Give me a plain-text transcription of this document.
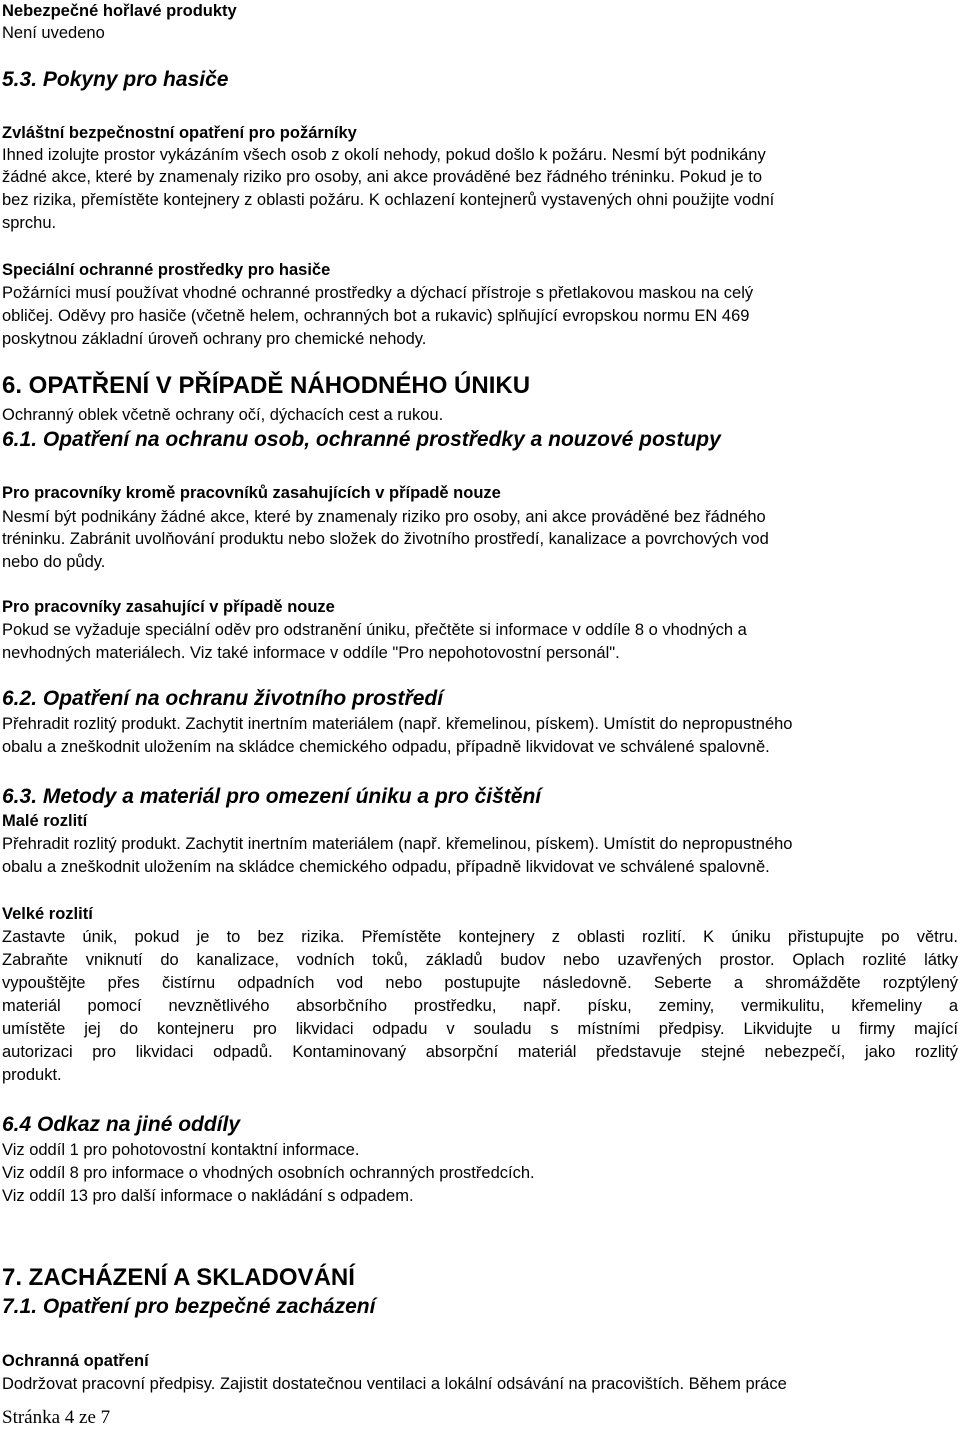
Nebezpečné hořlavé produkty
Není uvedeno
5.3. Pokyny pro hasiče
Zvláštní bezpečnostní opatření pro požárníky
Ihned izolujte prostor vykázáním všech osob z okolí nehody, pokud došlo k požáru. Nesmí být podnikány
žádné akce, které by znamenaly riziko pro osoby, ani akce prováděné bez řádného tréninku. Pokud je to
bez rizika, přemístěte kontejnery z oblasti požáru. K ochlazení kontejnerů vystavených ohni použijte vodní
sprchu.
Speciální ochranné prostředky pro hasiče
Požárníci musí používat vhodné ochranné prostředky a dýchací přístroje s přetlakovou maskou na celý
obličej. Oděvy pro hasiče (včetně helem, ochranných bot a rukavic) splňující evropskou normu EN 469
poskytnou základní úroveň ochrany pro chemické nehody.
6. OPATŘENÍ V PŘÍPADĚ NÁHODNÉHO ÚNIKU
Ochranný oblek včetně ochrany očí, dýchacích cest a rukou.
6.1. Opatření na ochranu osob, ochranné prostředky a nouzové postupy
Pro pracovníky kromě pracovníků zasahujících v případě nouze
Nesmí být podnikány žádné akce, které by znamenaly riziko pro osoby, ani akce prováděné bez řádného
tréninku. Zabránit uvolňování produktu nebo složek do životního prostředí, kanalizace a povrchových vod
nebo do půdy.
Pro pracovníky zasahující v případě nouze
Pokud se vyžaduje speciální oděv pro odstranění úniku, přečtěte si informace v oddíle 8 o vhodných a
nevhodných materiálech. Viz také informace v oddíle "Pro nepohotovostní personál".
6.2. Opatření na ochranu životního prostředí
Přehradit rozlitý produkt. Zachytit inertním materiálem (např. křemelinou, pískem). Umístit do nepropustného
obalu a zneškodnit uložením na skládce chemického odpadu, případně likvidovat ve schválené spalovně.
6.3. Metody a materiál pro omezení úniku a pro čištění
Malé rozlití
Přehradit rozlitý produkt. Zachytit inertním materiálem (např. křemelinou, pískem). Umístit do nepropustného
obalu a zneškodnit uložením na skládce chemického odpadu, případně likvidovat ve schválené spalovně.
Velké rozlití
Zastavte únik, pokud je to bez rizika. Přemístěte kontejnery z oblasti rozlití. K úniku přistupujte po větru.
Zabraňte vniknutí do kanalizace, vodních toků, základů budov nebo uzavřených prostor. Oplach rozlité látky
vypouštějte přes čistírnu odpadních vod nebo postupujte následovně. Seberte a shromážděte rozptýlený
materiál pomocí nevznětlivého absorbčního prostředku, např. písku, zeminy, vermikulitu, křemeliny a
umístěte jej do kontejneru pro likvidaci odpadu v souladu s místními předpisy. Likvidujte u firmy mající
autorizaci pro likvidaci odpadů. Kontaminovaný absorpční materiál představuje stejné nebezpečí, jako rozlitý
produkt.
6.4 Odkaz na jiné oddíly
Viz oddíl 1 pro pohotovostní kontaktní informace.
Viz oddíl 8 pro informace o vhodných osobních ochranných prostředcích.
Viz oddíl 13 pro další informace o nakládání s odpadem.
7. ZACHÁZENÍ A SKLADOVÁNÍ
7.1. Opatření pro bezpečné zacházení
Ochranná opatření
Dodržovat pracovní předpisy. Zajistit dostatečnou ventilaci a lokální odsávání na pracovištích. Během práce
Stránka 4 ze 7
